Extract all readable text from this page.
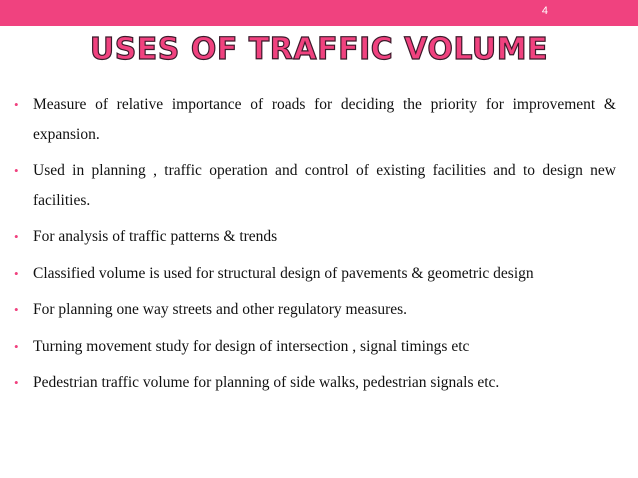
4
USES OF TRAFFIC VOLUME
• Measure of relative importance of roads for deciding the priority for improvement & expansion.
• Used in planning , traffic operation and control of existing facilities and to design new facilities.
• For analysis of traffic patterns & trends
• Classified volume is used for structural design of pavements & geometric design
• For planning one way streets and other regulatory measures.
• Turning movement study for design of intersection , signal timings etc
• Pedestrian traffic volume for planning of side walks, pedestrian signals etc.
